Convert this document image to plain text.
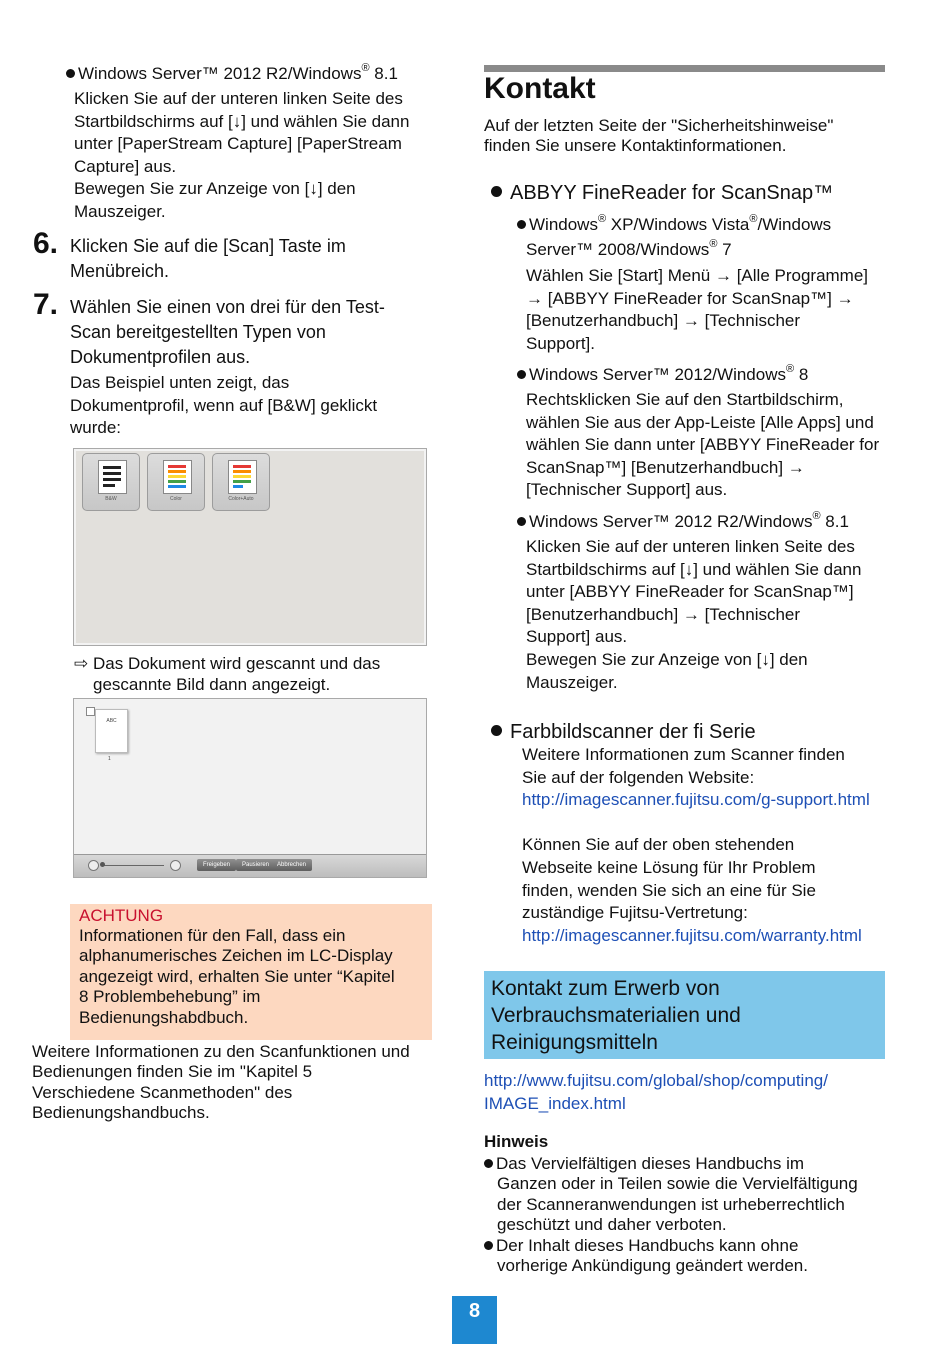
Windows Server™ 2012 R2/Windows® 8.1
Klicken Sie auf der unteren linken Seite des
Startbildschirms auf [↓] und wählen Sie dann
unter [PaperStream Capture] [PaperStream
Capture] aus.
Bewegen Sie zur Anzeige von [↓] den
Mauszeiger.
6. Klicken Sie auf die [Scan] Taste im
Menübreich.
7. Wählen Sie einen von drei für den Test-
Scan bereitgestellten Typen von
Dokumentprofilen aus.
Das Beispiel unten zeigt, das
Dokumentprofil, wenn auf [B&W] geklickt
wurde:
B&W	Color	Color+Auto
⇨ Das Dokument wird gescannt und das
gescannte Bild dann angezeigt.
ABC
1
Freigeben	Pausieren	Abbrechen
ACHTUNG
Informationen für den Fall, dass ein
alphanumerisches Zeichen im LC-Display
angezeigt wird, erhalten Sie unter “Kapitel
8 Problembehebung” im
Bedienungshabdbuch.
Weitere Informationen zu den Scanfunktionen und
Bedienungen finden Sie im "Kapitel 5
Verschiedene Scanmethoden" des
Bedienungshandbuchs.
Kontakt
Auf der letzten Seite der "Sicherheitshinweise"
finden Sie unsere Kontaktinformationen.
ABBYY FineReader for ScanSnap™
Windows® XP/Windows Vista®/Windows
Server™ 2008/Windows® 7
Wählen Sie [Start] Menü → [Alle Programme]
→ [ABBYY FineReader for ScanSnap™] →
[Benutzerhandbuch] → [Technischer
Support].
Windows Server™ 2012/Windows® 8
Rechtsklicken Sie auf den Startbildschirm,
wählen Sie aus der App-Leiste [Alle Apps] und
wählen Sie dann unter [ABBYY FineReader for
ScanSnap™] [Benutzerhandbuch] →
[Technischer Support] aus.
Windows Server™ 2012 R2/Windows® 8.1
Klicken Sie auf der unteren linken Seite des
Startbildschirms auf [↓] und wählen Sie dann
unter [ABBYY FineReader for ScanSnap™]
[Benutzerhandbuch] → [Technischer
Support] aus.
Bewegen Sie zur Anzeige von [↓] den
Mauszeiger.
Farbbildscanner der fi Serie
Weitere Informationen zum Scanner finden
Sie auf der folgenden Website:
http://imagescanner.fujitsu.com/g-support.html

Können Sie auf der oben stehenden
Webseite keine Lösung für Ihr Problem
finden, wenden Sie sich an eine für Sie
zuständige Fujitsu-Vertretung:
http://imagescanner.fujitsu.com/warranty.html
Kontakt zum Erwerb von
Verbrauchsmaterialien und
Reinigungsmitteln
http://www.fujitsu.com/global/shop/computing/
IMAGE_index.html
Hinweis
Das Vervielfältigen dieses Handbuchs im
Ganzen oder in Teilen sowie die Vervielfältigung
der Scanneranwendungen ist urheberrechtlich
geschützt und daher verboten.
Der Inhalt dieses Handbuchs kann ohne
vorherige Ankündigung geändert werden.
8
